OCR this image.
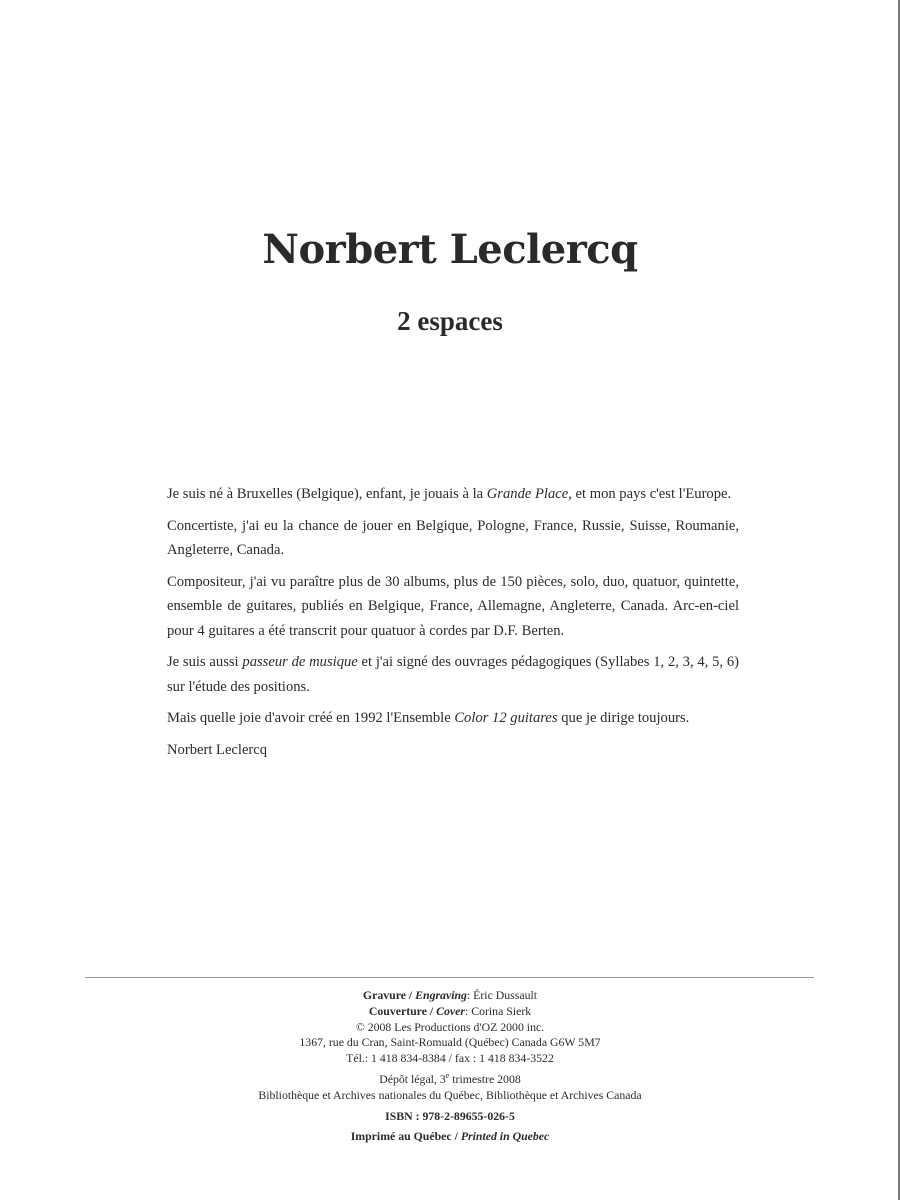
Norbert Leclercq
2 espaces

Je suis né à Bruxelles (Belgique), enfant, je jouais à la Grande Place, et mon pays c'est l'Europe.

Concertiste, j'ai eu la chance de jouer en Belgique, Pologne, France, Russie, Suisse, Roumanie, Angleterre, Canada.

Compositeur, j'ai vu paraître plus de 30 albums, plus de 150 pièces, solo, duo, quatuor, quintette, ensemble de guitares, publiés en Belgique, France, Allemagne, Angleterre, Canada. Arc-en-ciel pour 4 guitares a été transcrit pour quatuor à cordes par D.F. Berten.

Je suis aussi passeur de musique et j'ai signé des ouvrages pédagogiques (Syllabes 1, 2, 3, 4, 5, 6) sur l'étude des positions.

Mais quelle joie d'avoir créé en 1992 l'Ensemble Color 12 guitares que je dirige toujours.

Norbert Leclercq

Gravure / Engraving: Éric Dussault
Couverture / Cover: Corina Sierk
© 2008 Les Productions d'OZ 2000 inc.
1367, rue du Cran, Saint-Romuald (Québec) Canada G6W 5M7
Tél.: 1 418 834-8384 / fax : 1 418 834-3522
Dépôt légal, 3e trimestre 2008
Bibliothèque et Archives nationales du Québec, Bibliothèque et Archives Canada
ISBN : 978-2-89655-026-5
Imprimé au Québec / Printed in Quebec
